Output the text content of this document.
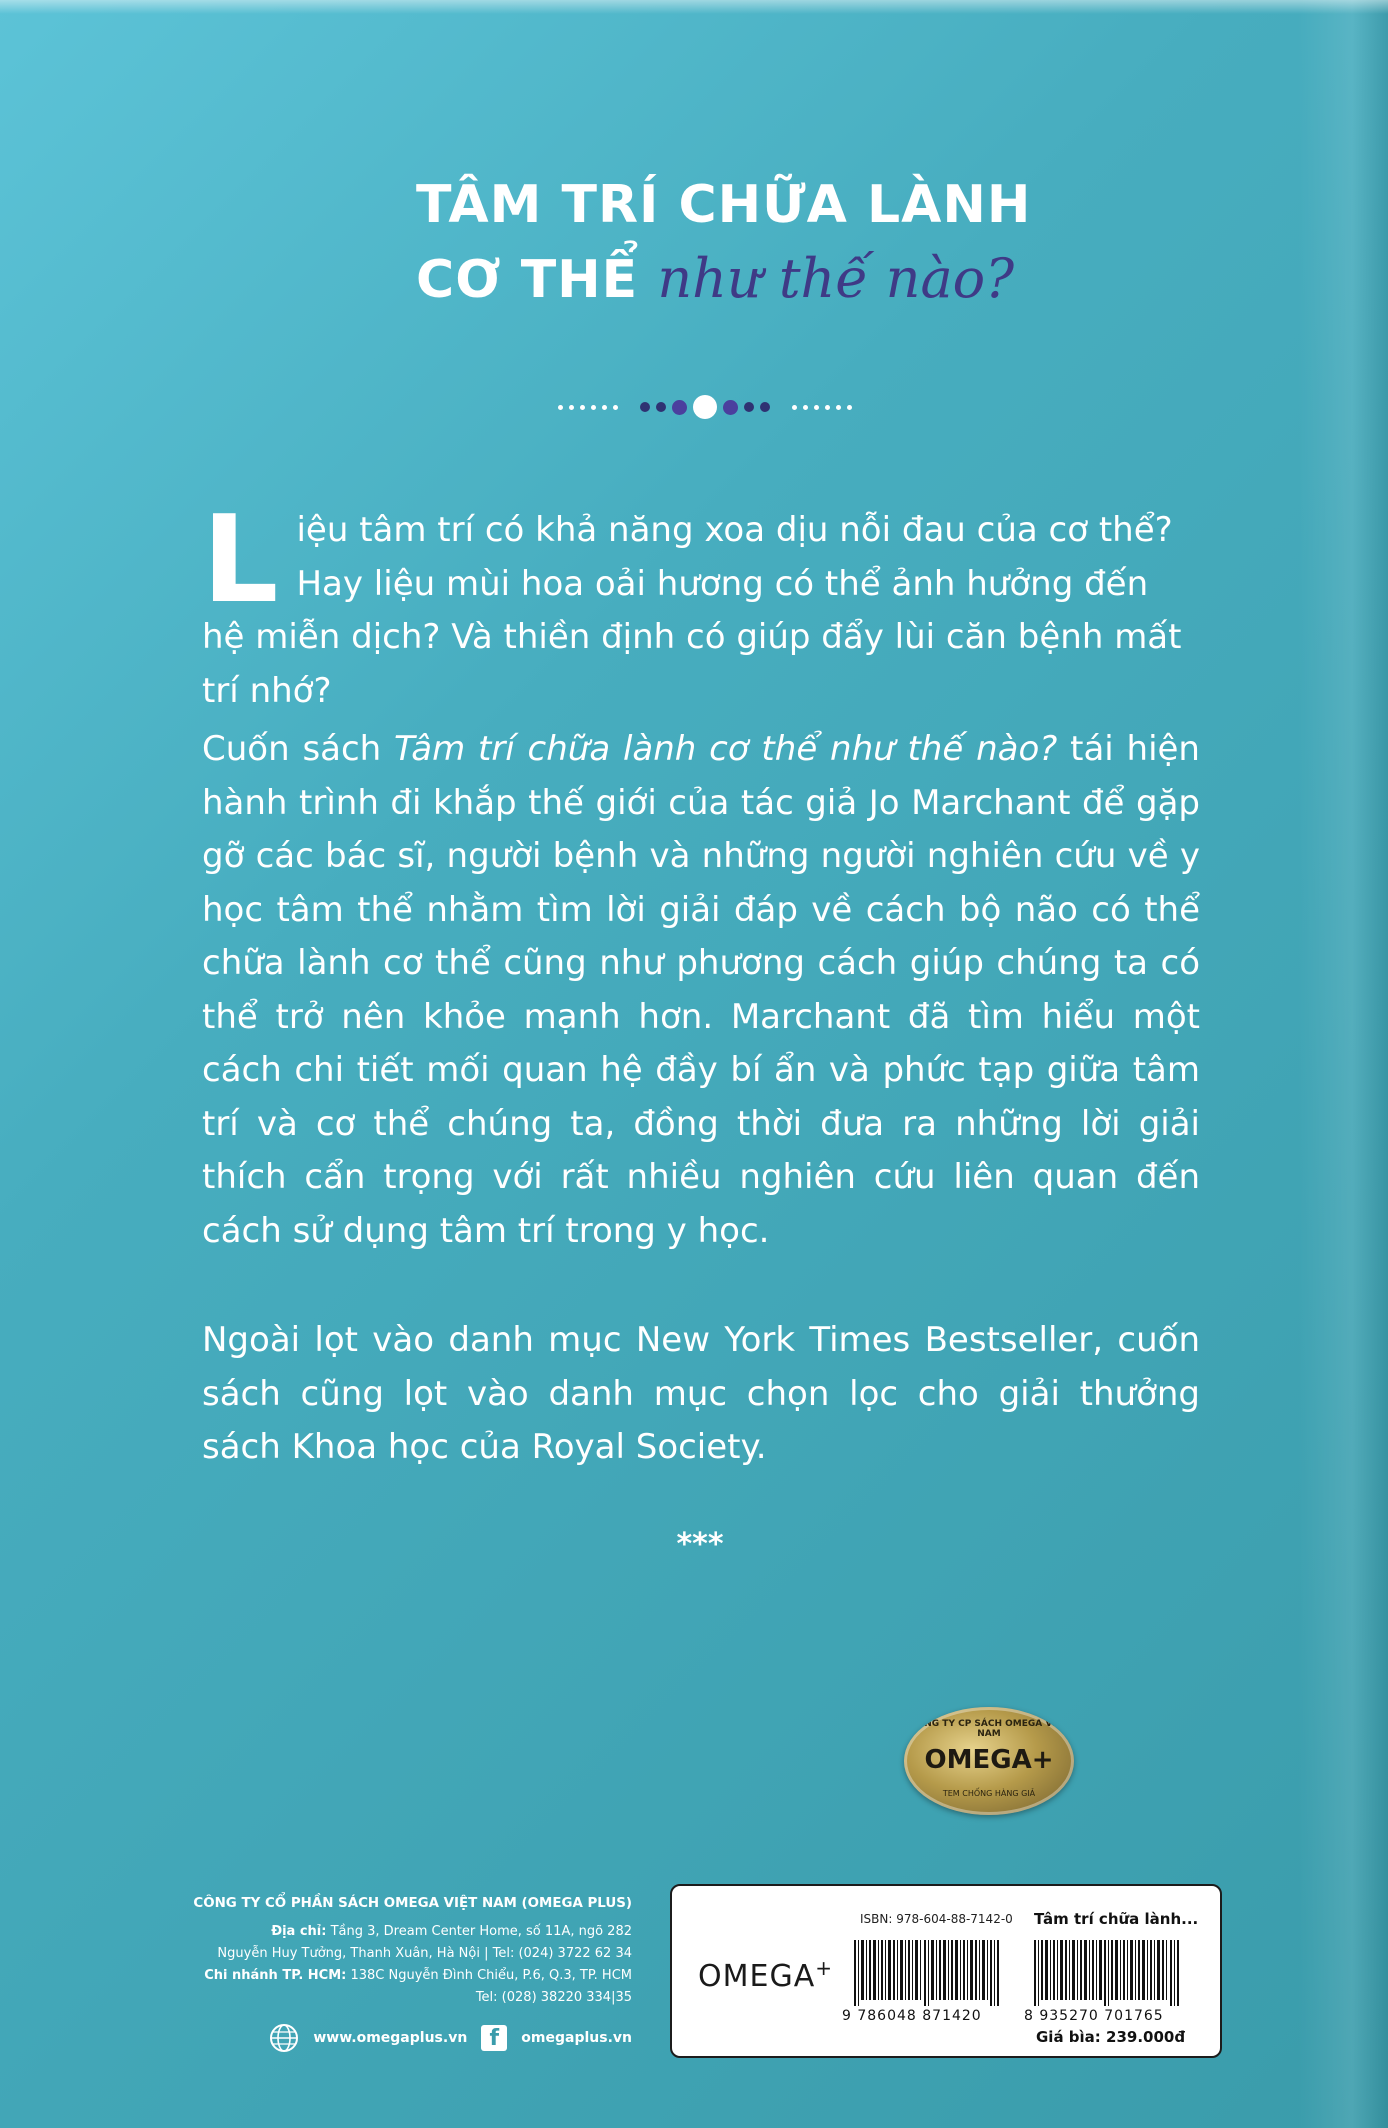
TÂM TRÍ CHỮA LÀNH
CƠ THỂ như thế nào?
L iệu tâm trí có khả năng xoa dịu nỗi đau của cơ thể? Hay liệu mùi hoa oải hương có thể ảnh hưởng đến hệ miễn dịch? Và thiền định có giúp đẩy lùi căn bệnh mất trí nhớ?
Cuốn sách Tâm trí chữa lành cơ thể như thế nào? tái hiện hành trình đi khắp thế giới của tác giả Jo Marchant để gặp gỡ các bác sĩ, người bệnh và những người nghiên cứu về y học tâm thể nhằm tìm lời giải đáp về cách bộ não có thể chữa lành cơ thể cũng như phương cách giúp chúng ta có thể trở nên khỏe mạnh hơn. Marchant đã tìm hiểu một cách chi tiết mối quan hệ đầy bí ẩn và phức tạp giữa tâm trí và cơ thể chúng ta, đồng thời đưa ra những lời giải thích cẩn trọng với rất nhiều nghiên cứu liên quan đến cách sử dụng tâm trí trong y học.
Ngoài lọt vào danh mục New York Times Bestseller, cuốn sách cũng lọt vào danh mục chọn lọc cho giải thưởng sách Khoa học của Royal Society.
***
CÔNG TY CP SÁCH OMEGA VIỆT NAM
OMEGA+
TEM CHỐNG HÀNG GIẢ
CÔNG TY CỔ PHẦN SÁCH OMEGA VIỆT NAM (OMEGA PLUS)
Địa chỉ: Tầng 3, Dream Center Home, số 11A, ngõ 282
Nguyễn Huy Tưởng, Thanh Xuân, Hà Nội | Tel: (024) 3722 62 34
Chi nhánh TP. HCM: 138C Nguyễn Đình Chiểu, P.6, Q.3, TP. HCM
Tel: (028) 38220 334|35
www.omegaplus.vn	f	omegaplus.vn
OMEGA+
ISBN: 978-604-88-7142-0 Tâm trí chữa lành...
9 786048 871420	8 935270 701765
Giá bìa: 239.000đ
